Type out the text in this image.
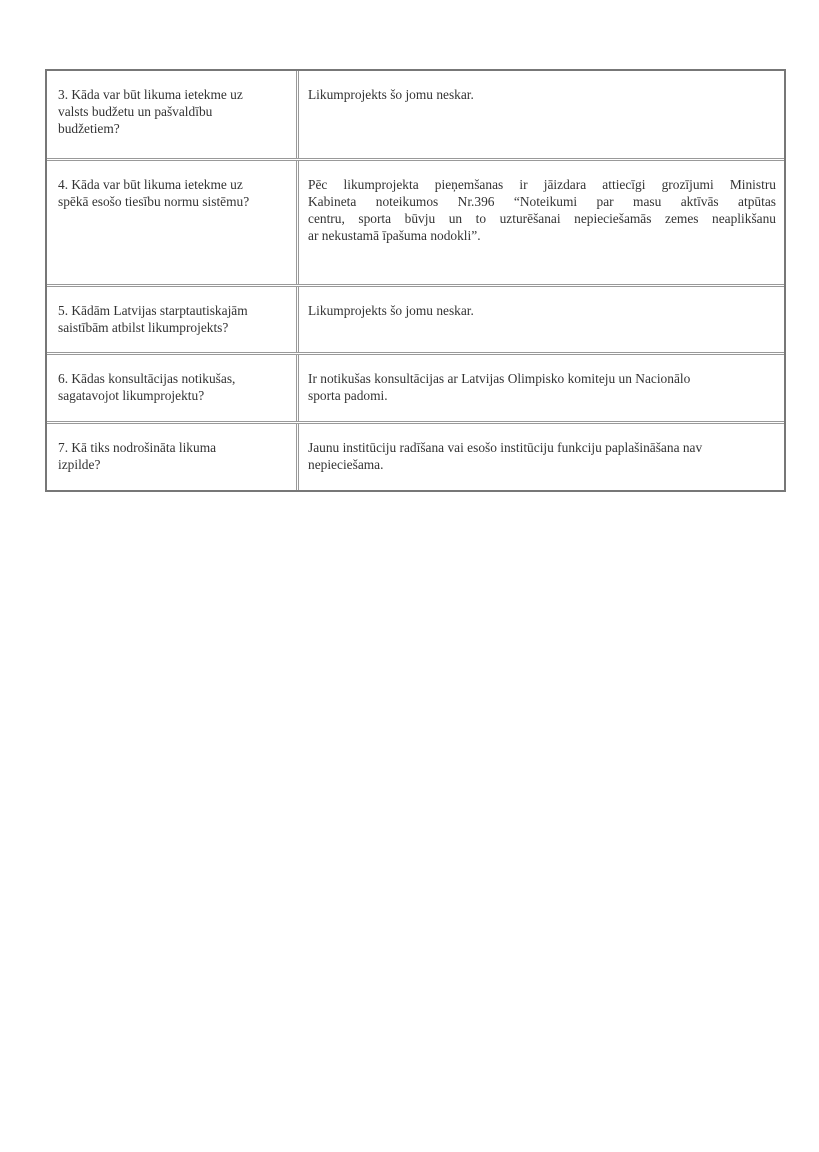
3. Kāda var būt likuma ietekme uz
valsts budžetu un pašvaldību
budžetiem?
Likumprojekts šo jomu neskar.
4. Kāda var būt likuma ietekme uz
spēkā esošo tiesību normu sistēmu?
Pēc likumprojekta pieņemšanas ir jāizdara attiecīgi grozījumi Ministru
Kabineta noteikumos Nr.396 “Noteikumi par masu aktīvās atpūtas
centru, sporta būvju un to uzturēšanai nepieciešamās zemes neaplikšanu
ar nekustamā īpašuma nodokli”.
5. Kādām Latvijas starptautiskajām
saistībām atbilst likumprojekts?
Likumprojekts šo jomu neskar.
6. Kādas konsultācijas notikušas,
sagatavojot likumprojektu?
Ir notikušas konsultācijas ar Latvijas Olimpisko komiteju un Nacionālo
sporta padomi.
7. Kā tiks nodrošināta likuma
izpilde?
Jaunu institūciju radīšana vai esošo institūciju funkciju paplašināšana nav
nepieciešama.
